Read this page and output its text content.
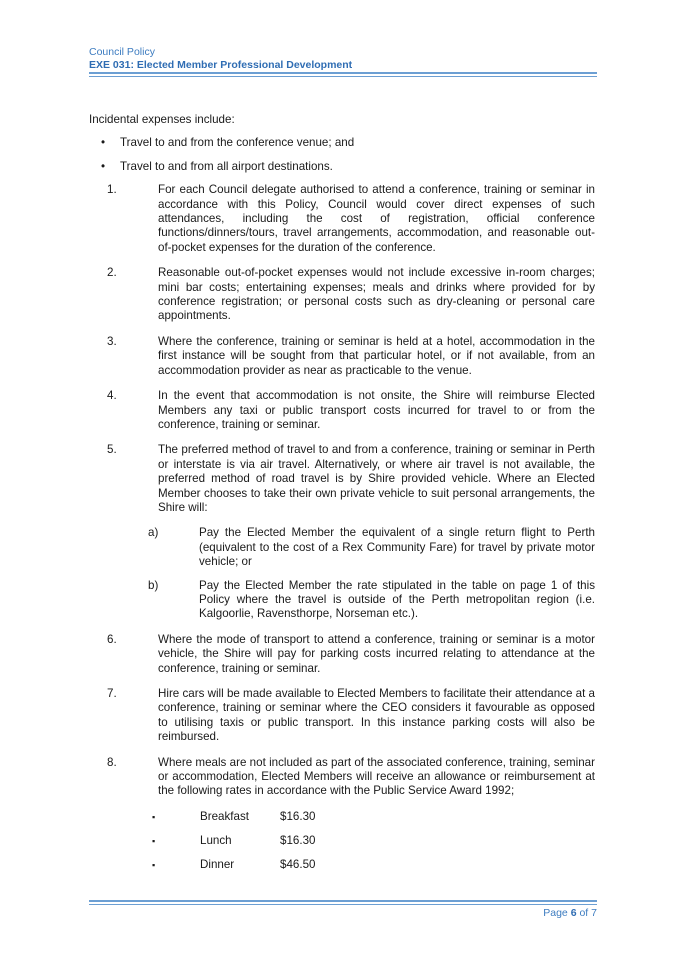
Council Policy
EXE 031: Elected Member Professional Development

Incidental expenses include:

• Travel to and from the conference venue; and
• Travel to and from all airport destinations.
1.	For each Council delegate authorised to attend a conference, training or seminar in accordance with this Policy, Council would cover direct expenses of such attendances, including the cost of registration, official conference functions/dinners/tours, travel arrangements, accommodation, and reasonable out-of-pocket expenses for the duration of the conference.
2.	Reasonable out-of-pocket expenses would not include excessive in-room charges; mini bar costs; entertaining expenses; meals and drinks where provided for by conference registration; or personal costs such as dry-cleaning or personal care appointments.
3.	Where the conference, training or seminar is held at a hotel, accommodation in the first instance will be sought from that particular hotel, or if not available, from an accommodation provider as near as practicable to the venue.
4.	In the event that accommodation is not onsite, the Shire will reimburse Elected Members any taxi or public transport costs incurred for travel to or from the conference, training or seminar.
5.	The preferred method of travel to and from a conference, training or seminar in Perth or interstate is via air travel. Alternatively, or where air travel is not available, the preferred method of road travel is by Shire provided vehicle. Where an Elected Member chooses to take their own private vehicle to suit personal arrangements, the Shire will:
a)	Pay the Elected Member the equivalent of a single return flight to Perth (equivalent to the cost of a Rex Community Fare) for travel by private motor vehicle; or
b)	Pay the Elected Member the rate stipulated in the table on page 1 of this Policy where the travel is outside of the Perth metropolitan region (i.e. Kalgoorlie, Ravensthorpe, Norseman etc.).
6.	Where the mode of transport to attend a conference, training or seminar is a motor vehicle, the Shire will pay for parking costs incurred relating to attendance at the conference, training or seminar.
7.	Hire cars will be made available to Elected Members to facilitate their attendance at a conference, training or seminar where the CEO considers it favourable as opposed to utilising taxis or public transport. In this instance parking costs will also be reimbursed.
8.	Where meals are not included as part of the associated conference, training, seminar or accommodation, Elected Members will receive an allowance or reimbursement at the following rates in accordance with the Public Service Award 1992;
▪	Breakfast	$16.30
▪	Lunch	$16.30
▪	Dinner	$46.50
Page 6 of 7
